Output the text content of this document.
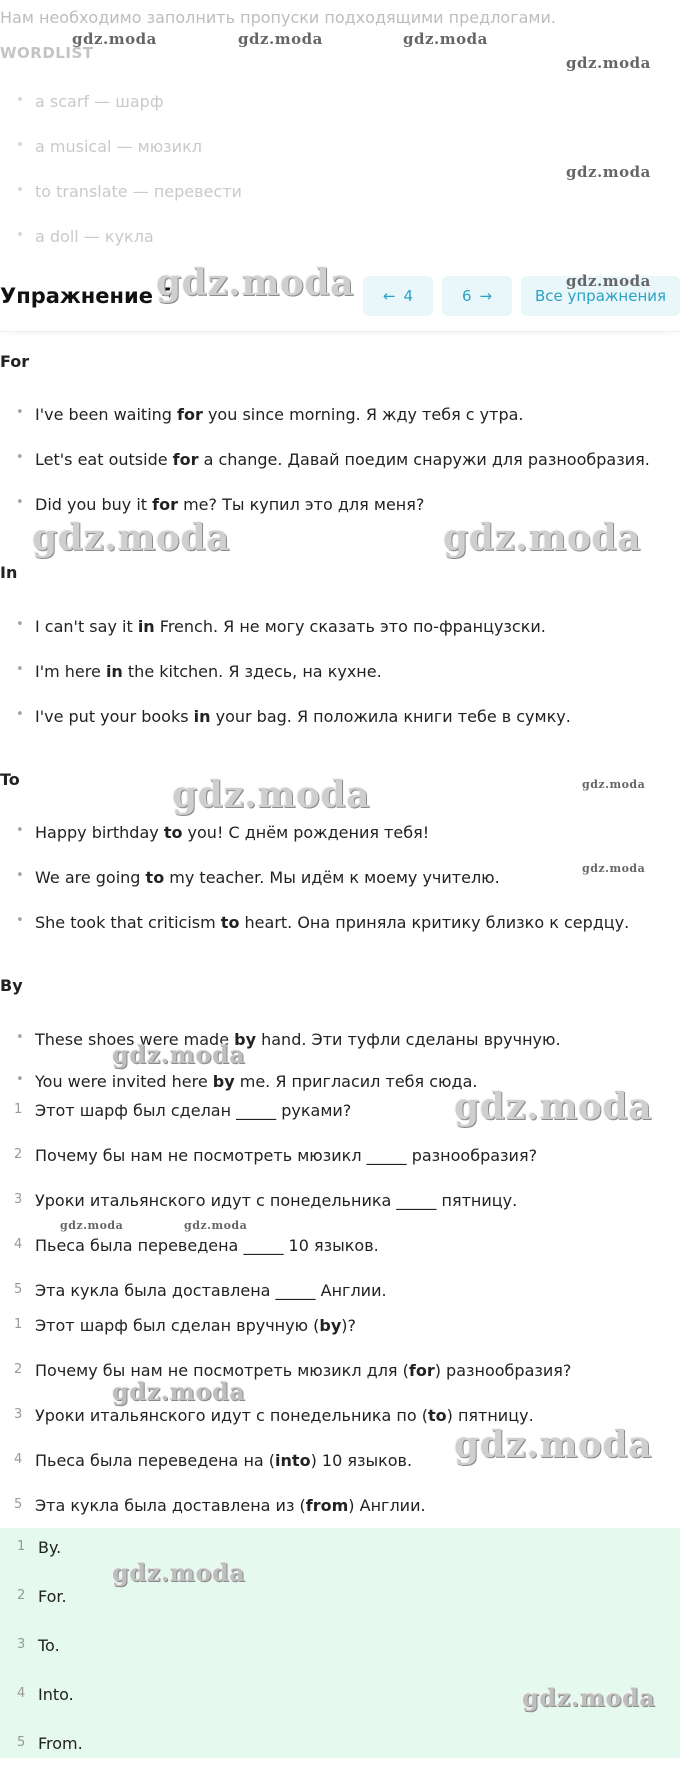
Нам необходимо заполнить пропуски подходящими предлогами.
WORDLIST
• a scarf — шарф
• a musical — мюзикл
• to translate — перевести
• a doll — кукла
Упражнение 5	← 4	6 →	Все упражнения
For
• I've been waiting for you since morning. Я жду тебя с утра.
• Let's eat outside for a change. Давай поедим снаружи для разнообразия.
• Did you buy it for me? Ты купил это для меня?
In
• I can't say it in French. Я не могу сказать это по-французски.
• I'm here in the kitchen. Я здесь, на кухне.
• I've put your books in your bag. Я положила книги тебе в сумку.
To
• Happy birthday to you! С днём рождения тебя!
• We are going to my teacher. Мы идём к моему учителю.
• She took that criticism to heart. Она приняла критику близко к сердцу.
By
• These shoes were made by hand. Эти туфли сделаны вручную.
• You were invited here by me. Я пригласил тебя сюда.
1 Этот шарф был сделан _____ руками?
2 Почему бы нам не посмотреть мюзикл _____ разнообразия?
3 Уроки итальянского идут с понедельника _____ пятницу.
4 Пьеса была переведена _____ 10 языков.
5 Эта кукла была доставлена _____ Англии.
1 Этот шарф был сделан вручную (by)?
2 Почему бы нам не посмотреть мюзикл для (for) разнообразия?
3 Уроки итальянского идут с понедельника по (to) пятницу.
4 Пьеса была переведена на (into) 10 языков.
5 Эта кукла была доставлена из (from) Англии.
1 By.
2 For.
3 To.
4 Into.
5 From.
gdz.moda	gdz.moda	gdz.moda
gdz.moda
gdz.moda
gdz.moda
gdz.moda
gdz.moda	gdz.moda
gdz.moda	gdz.moda
gdz.moda
gdz.moda
gdz.moda
gdz.moda	gdz.moda
gdz.moda
gdz.moda
gdz.moda
gdz.moda
